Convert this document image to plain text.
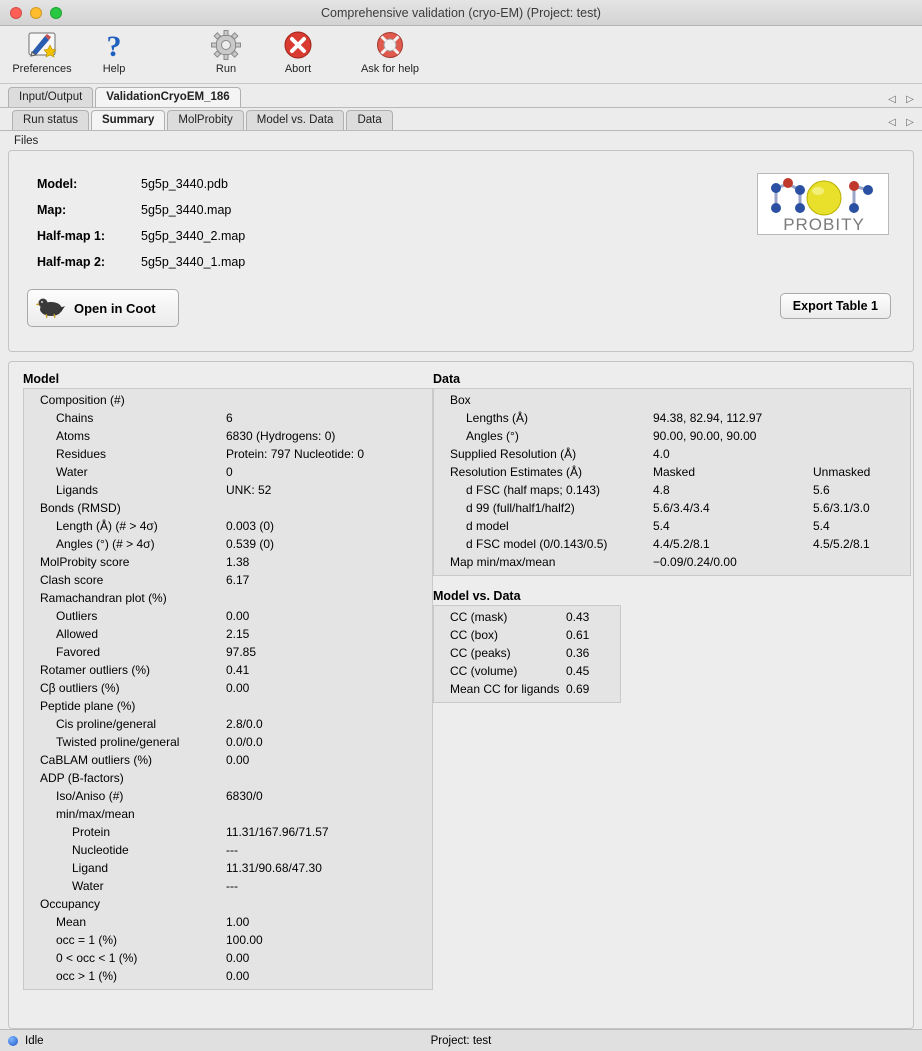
Comprehensive validation (cryo-EM) (Project: test)
Preferences
?
Help	Run	Abort	Ask for help
Input/Output	ValidationCryoEM_186	◁ ▷
Run status	Summary	MolProbity	Model vs. Data	Data	◁ ▷
Files
Model:	5g5p_3440.pdb
Map:	5g5p_3440.map
Half-map 1:	5g5p_3440_2.map
Half-map 2:	5g5p_3440_1.map
PROBITY
Open in Coot	Export Table 1
Model
Composition (#)	
Chains	6
Atoms	6830 (Hydrogens: 0)
Residues	Protein: 797 Nucleotide: 0
Water	0
Ligands	UNK: 52
Bonds (RMSD)	
Length (Å) (# > 4σ)	0.003 (0)
Angles (°) (# > 4σ)	0.539 (0)
MolProbity score	1.38
Clash score	6.17
Ramachandran plot (%)	
Outliers	0.00
Allowed	2.15
Favored	97.85
Rotamer outliers (%)	0.41
Cβ outliers (%)	0.00
Peptide plane (%)	
Cis proline/general	2.8/0.0
Twisted proline/general	0.0/0.0
CaBLAM outliers (%)	0.00
ADP (B-factors)	
Iso/Aniso (#)	6830/0
min/max/mean	
Protein	11.31/167.96/71.57
Nucleotide	---
Ligand	11.31/90.68/47.30
Water	---
Occupancy	
Mean	1.00
occ = 1 (%)	100.00
0 < occ < 1 (%)	0.00
occ > 1 (%)	0.00
Data
Box		
Lengths (Å)	94.38, 82.94, 112.97	
Angles (°)	90.00, 90.00, 90.00	
Supplied Resolution (Å)	4.0	
Resolution Estimates (Å)	Masked	Unmasked
d FSC (half maps; 0.143)	4.8	5.6
d 99 (full/half1/half2)	5.6/3.4/3.4	5.6/3.1/3.0
d model	5.4	5.4
d FSC model (0/0.143/0.5)	4.4/5.2/8.1	4.5/5.2/8.1
Map min/max/mean	−0.09/0.24/0.00	
Model vs. Data
CC (mask)	0.43
CC (box)	0.61
CC (peaks)	0.36
CC (volume)	0.45
Mean CC for ligands	0.69
Idle	Project: test
